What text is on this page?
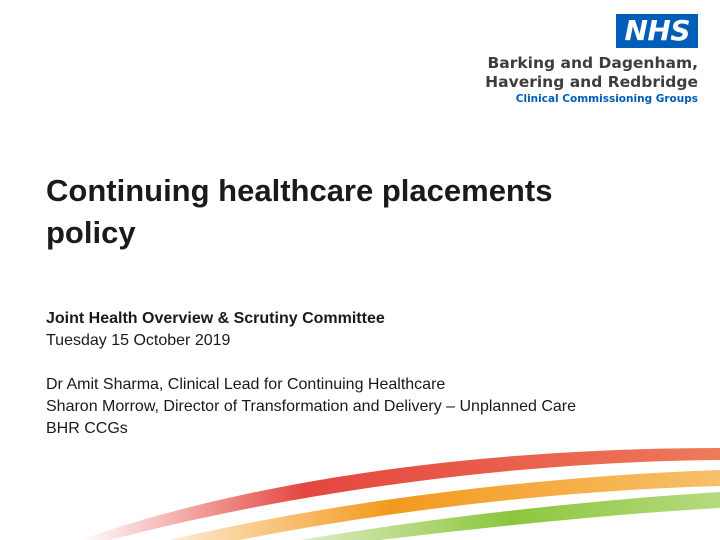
NHS
Barking and Dagenham,
Havering and Redbridge
Clinical Commissioning Groups
Continuing healthcare placements
policy
Joint Health Overview & Scrutiny Committee
Tuesday 15 October 2019
Dr Amit Sharma, Clinical Lead for Continuing Healthcare
Sharon Morrow, Director of Transformation and Delivery – Unplanned Care
BHR CCGs
